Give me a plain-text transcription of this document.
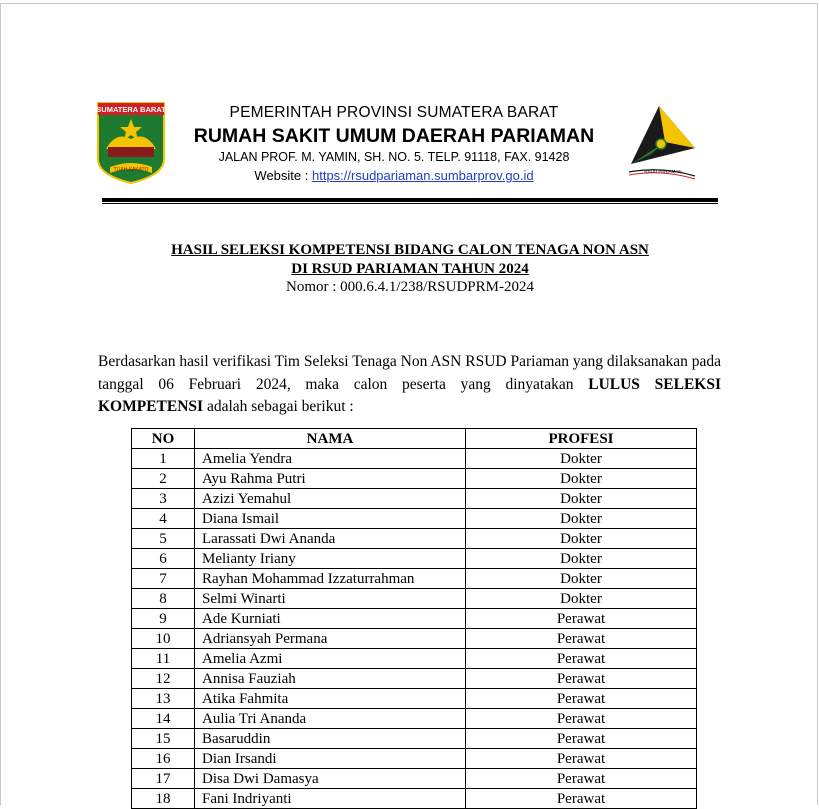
SUMATERA BARAT
TUAH SAKATO
PEMERINTAH PROVINSI SUMATERA BARAT
RUMAH SAKIT UMUM DAERAH PARIAMAN
JALAN PROF. M. YAMIN, SH. NO. 5. TELP. 91118, FAX. 91428
Website : https://rsudpariaman.sumbarprov.go.id	RSUD PARIAMAN
HASIL SELEKSI KOMPETENSI BIDANG CALON TENAGA NON ASN
DI RSUD PARIAMAN TAHUN 2024
Nomor : 000.6.4.1/238/RSUDPRM-2024
Berdasarkan hasil verifikasi Tim Seleksi Tenaga Non ASN RSUD Pariaman yang dilaksanakan pada tanggal 06 Februari 2024, maka calon peserta yang dinyatakan LULUS SELEKSI KOMPETENSI adalah sebagai berikut :
NO	NAMA	PROFESI
1	Amelia Yendra	Dokter
2	Ayu Rahma Putri	Dokter
3	Azizi Yemahul	Dokter
4	Diana Ismail	Dokter
5	Larassati Dwi Ananda	Dokter
6	Melianty Iriany	Dokter
7	Rayhan Mohammad Izzaturrahman	Dokter
8	Selmi Winarti	Dokter
9	Ade Kurniati	Perawat
10	Adriansyah Permana	Perawat
11	Amelia Azmi	Perawat
12	Annisa Fauziah	Perawat
13	Atika Fahmita	Perawat
14	Aulia Tri Ananda	Perawat
15	Basaruddin	Perawat
16	Dian Irsandi	Perawat
17	Disa Dwi Damasya	Perawat
18	Fani Indriyanti	Perawat
